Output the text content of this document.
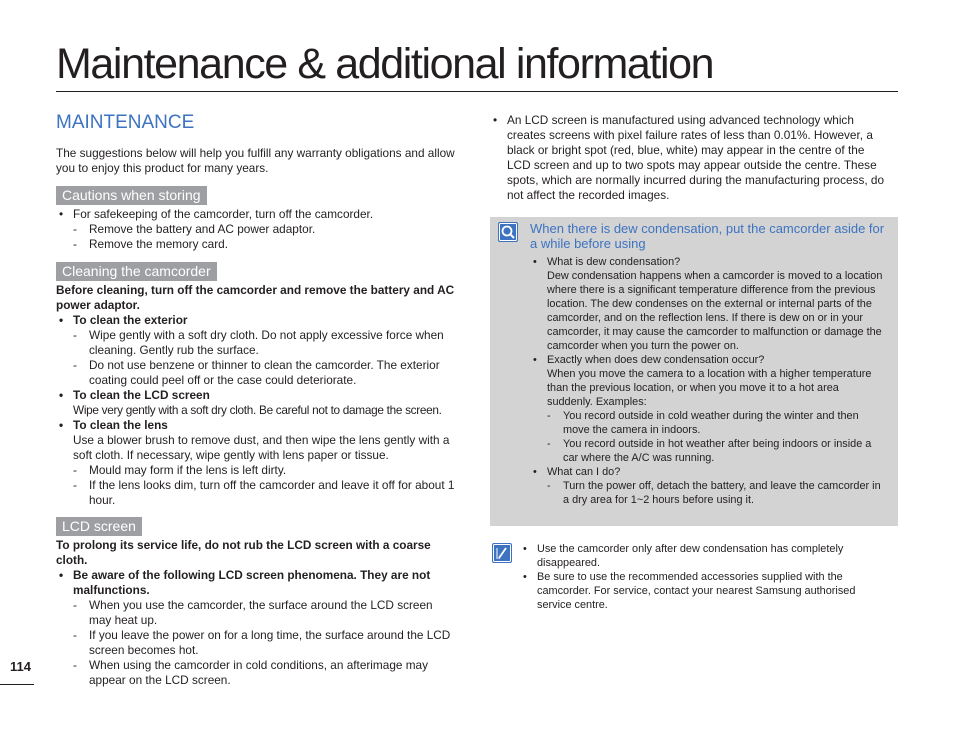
Maintenance & additional information
MAINTENANCE
The suggestions below will help you fulfill any warranty obligations and allow you to enjoy this product for many years.
Cautions when storing
• For safekeeping of the camcorder, turn off the camcorder.
- Remove the battery and AC power adaptor.
- Remove the memory card.
Cleaning the camcorder
Before cleaning, turn off the camcorder and remove the battery and AC power adaptor.
• To clean the exterior
- Wipe gently with a soft dry cloth. Do not apply excessive force when cleaning. Gently rub the surface.
- Do not use benzene or thinner to clean the camcorder. The exterior coating could peel off or the case could deteriorate.
• To clean the LCD screen
Wipe very gently with a soft dry cloth. Be careful not to damage the screen.
• To clean the lens
Use a blower brush to remove dust, and then wipe the lens gently with a soft cloth. If necessary, wipe gently with lens paper or tissue.
- Mould may form if the lens is left dirty.
- If the lens looks dim, turn off the camcorder and leave it off for about 1 hour.
LCD screen
To prolong its service life, do not rub the LCD screen with a coarse cloth.
• Be aware of the following LCD screen phenomena. They are not malfunctions.
- When you use the camcorder, the surface around the LCD screen may heat up.
- If you leave the power on for a long time, the surface around the LCD screen becomes hot.
- When using the camcorder in cold conditions, an afterimage may appear on the LCD screen.
• An LCD screen is manufactured using advanced technology which creates screens with pixel failure rates of less than 0.01%. However, a black or bright spot (red, blue, white) may appear in the centre of the LCD screen and up to two spots may appear outside the centre. These spots, which are normally incurred during the manufacturing process, do not affect the recorded images.
When there is dew condensation, put the camcorder aside for a while before using
• What is dew condensation?
Dew condensation happens when a camcorder is moved to a location where there is a significant temperature difference from the previous location. The dew condenses on the external or internal parts of the camcorder, and on the reflection lens. If there is dew on or in your camcorder, it may cause the camcorder to malfunction or damage the camcorder when you turn the power on.
• Exactly when does dew condensation occur?
When you move the camera to a location with a higher temperature than the previous location, or when you move it to a hot area suddenly. Examples:
- You record outside in cold weather during the winter and then move the camera in indoors.
- You record outside in hot weather after being indoors or inside a car where the A/C was running.
• What can I do?
- Turn the power off, detach the battery, and leave the camcorder in a dry area for 1~2 hours before using it.
• Use the camcorder only after dew condensation has completely disappeared.
• Be sure to use the recommended accessories supplied with the camcorder. For service, contact your nearest Samsung authorised service centre.
114
